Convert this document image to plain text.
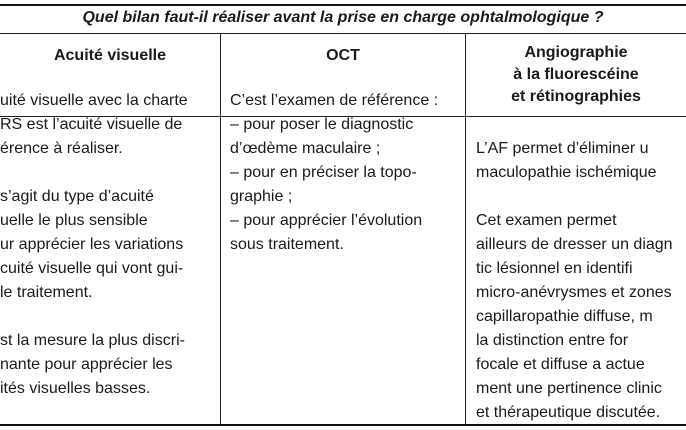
Quel bilan faut-il réaliser avant la prise en charge ophtalmologique ?
Acuité visuelle	OCT	Angiographie
à la fluorescéine
et rétinographies

uité visuelle avec la charte

RS est l’acuité visuelle de

érence à réaliser.

s’agit du type d’acuité

uelle le plus sensible

ur apprécier les variations

cuité visuelle qui vont gui-

le traitement.

st la mesure la plus discri-

nante pour apprécier les

ités visuelles basses.

C’est l’examen de référence :

– pour poser le diagnostic

d’œdème maculaire ;

– pour en préciser la topo-

graphie ;

– pour apprécier l’évolution

sous traitement.

L’AF permet d’éliminer u

maculopathie ischémique

Cet examen permet

ailleurs de dresser un diagn

tic lésionnel en identifi

micro-anévrysmes et zones

capillaropathie diffuse, m

la distinction entre for

focale et diffuse a actue

ment une pertinence clinic

et thérapeutique discutée.
